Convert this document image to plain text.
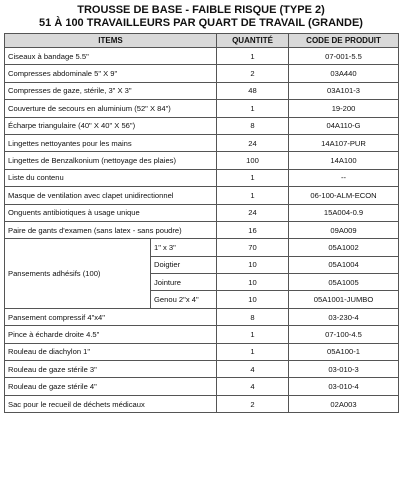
TROUSSE DE BASE - FAIBLE RISQUE (TYPE 2)
51 À 100 TRAVAILLEURS PAR QUART DE TRAVAIL (GRANDE)
ITEMS		QUANTITÉ	CODE DE PRODUIT
Ciseaux à bandage 5.5"		1	07-001-5.5
Compresses abdominale 5" X 9"		2	03A440
Compresses de gaze, stérile, 3" X 3"		48	03A101-3
Couverture de secours en aluminium (52" X 84")		1	19-200
Écharpe triangulaire (40" X 40" X 56")		8	04A110-G
Lingettes nettoyantes pour les mains		24	14A107-PUR
Lingettes de Benzalkonium (nettoyage des plaies)		100	14A100
Liste du contenu		1	--
Masque de ventilation avec clapet unidirectionnel		1	06-100-ALM-ECON
Onguents antibiotiques à usage unique		24	15A004-0.9
Paire de gants d'examen (sans latex - sans poudre)		16	09A009
Pansements adhésifs (100)	1" x 3"	70	05A1002
	Doigtier	10	05A1004
	Jointure	10	05A1005
	Genou 2"x 4"	10	05A1001-JUMBO
Pansement compressif 4"x4"		8	03-230-4
Pince à écharde droite 4.5"		1	07-100-4.5
Rouleau de diachylon 1"		1	05A100-1
Rouleau de gaze stérile 3"		4	03-010-3
Rouleau de gaze stérile 4"		4	03-010-4
Sac pour le recueil de déchets médicaux		2	02A003
